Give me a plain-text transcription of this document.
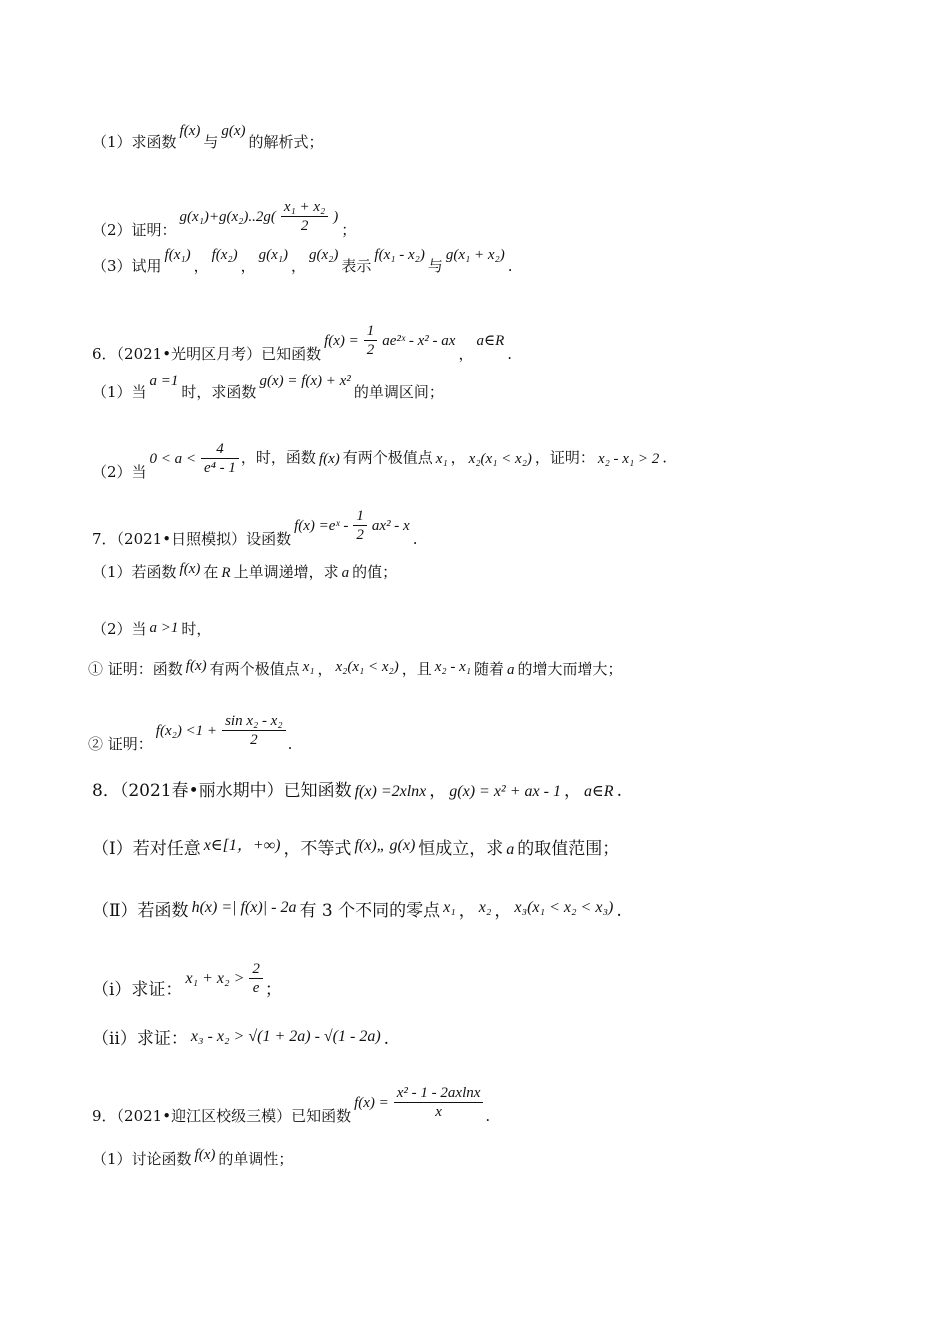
（1）求函数f(x)与g(x)的解析式；
（2）证明：$g(x_1)+g(x_2)..2g( \frac{\text{x₁ + x₂}}{2}$ )；
（3）试用f(x₁)，f(x₂)，g(x₁)，g(x₂)表示f(x₁ - x₂)与g(x₁ + x₂).
6．（2021•光明区月考）已知函数$f(x) = \frac{1}{2}$ ae²ˣ - x² - ax，a∈R.
（1）当a =1时，求函数g(x) = f(x) + x²的单调区间；
（2）当$0 < a < \frac{4}{\text{e⁴ - 1}}$ ，时，函数 f(x) 有两个极值点 x₁ ， x₂(x₁ < x₂) ，证明： x₂ - x₁ > 2 .
7．（2021•日照模拟）设函数f(x) =eˣ - $\frac{1}{2} ax^2$ - x.
（1）若函数 f(x) 在 R 上单调递增，求 a 的值；
（2）当 a >1 时，
① 证明：函数 f(x) 有两个极值点 x₁ ， x₂(x₁ < x₂) ，且 x₂ - x₁ 随着 a 的增大而增大；
② 证明：$f(x_2) <1 + \frac{\text{sin x₂ - x₂}}{2}$ .
8．（2021春•丽水期中）已知函数 f(x) =2xlnx ， g(x) = x² + ax - 1 ， a∈R .
（Ⅰ）若对任意 x∈[1，+∞) ，不等式 f(x)„ g(x) 恒成立，求 a 的取值范围；
（Ⅱ）若函数 h(x) =| f(x)| - 2a 有 3 个不同的零点 x₁ ， x₂ ， x₃(x₁ < x₂ < x₃) .
（ⅰ）求证：$x_1 + x_2 > \frac{2}{e}$ ；
（ⅱ）求证： x₃ - x₂ > √(1 + 2a) - √(1 - 2a) .
9．（2021•迎江区校级三模）已知函数$f(x) = \frac{\text{x² - 1 - 2axlnx}}{x}$ .
（1）讨论函数 f(x) 的单调性；
